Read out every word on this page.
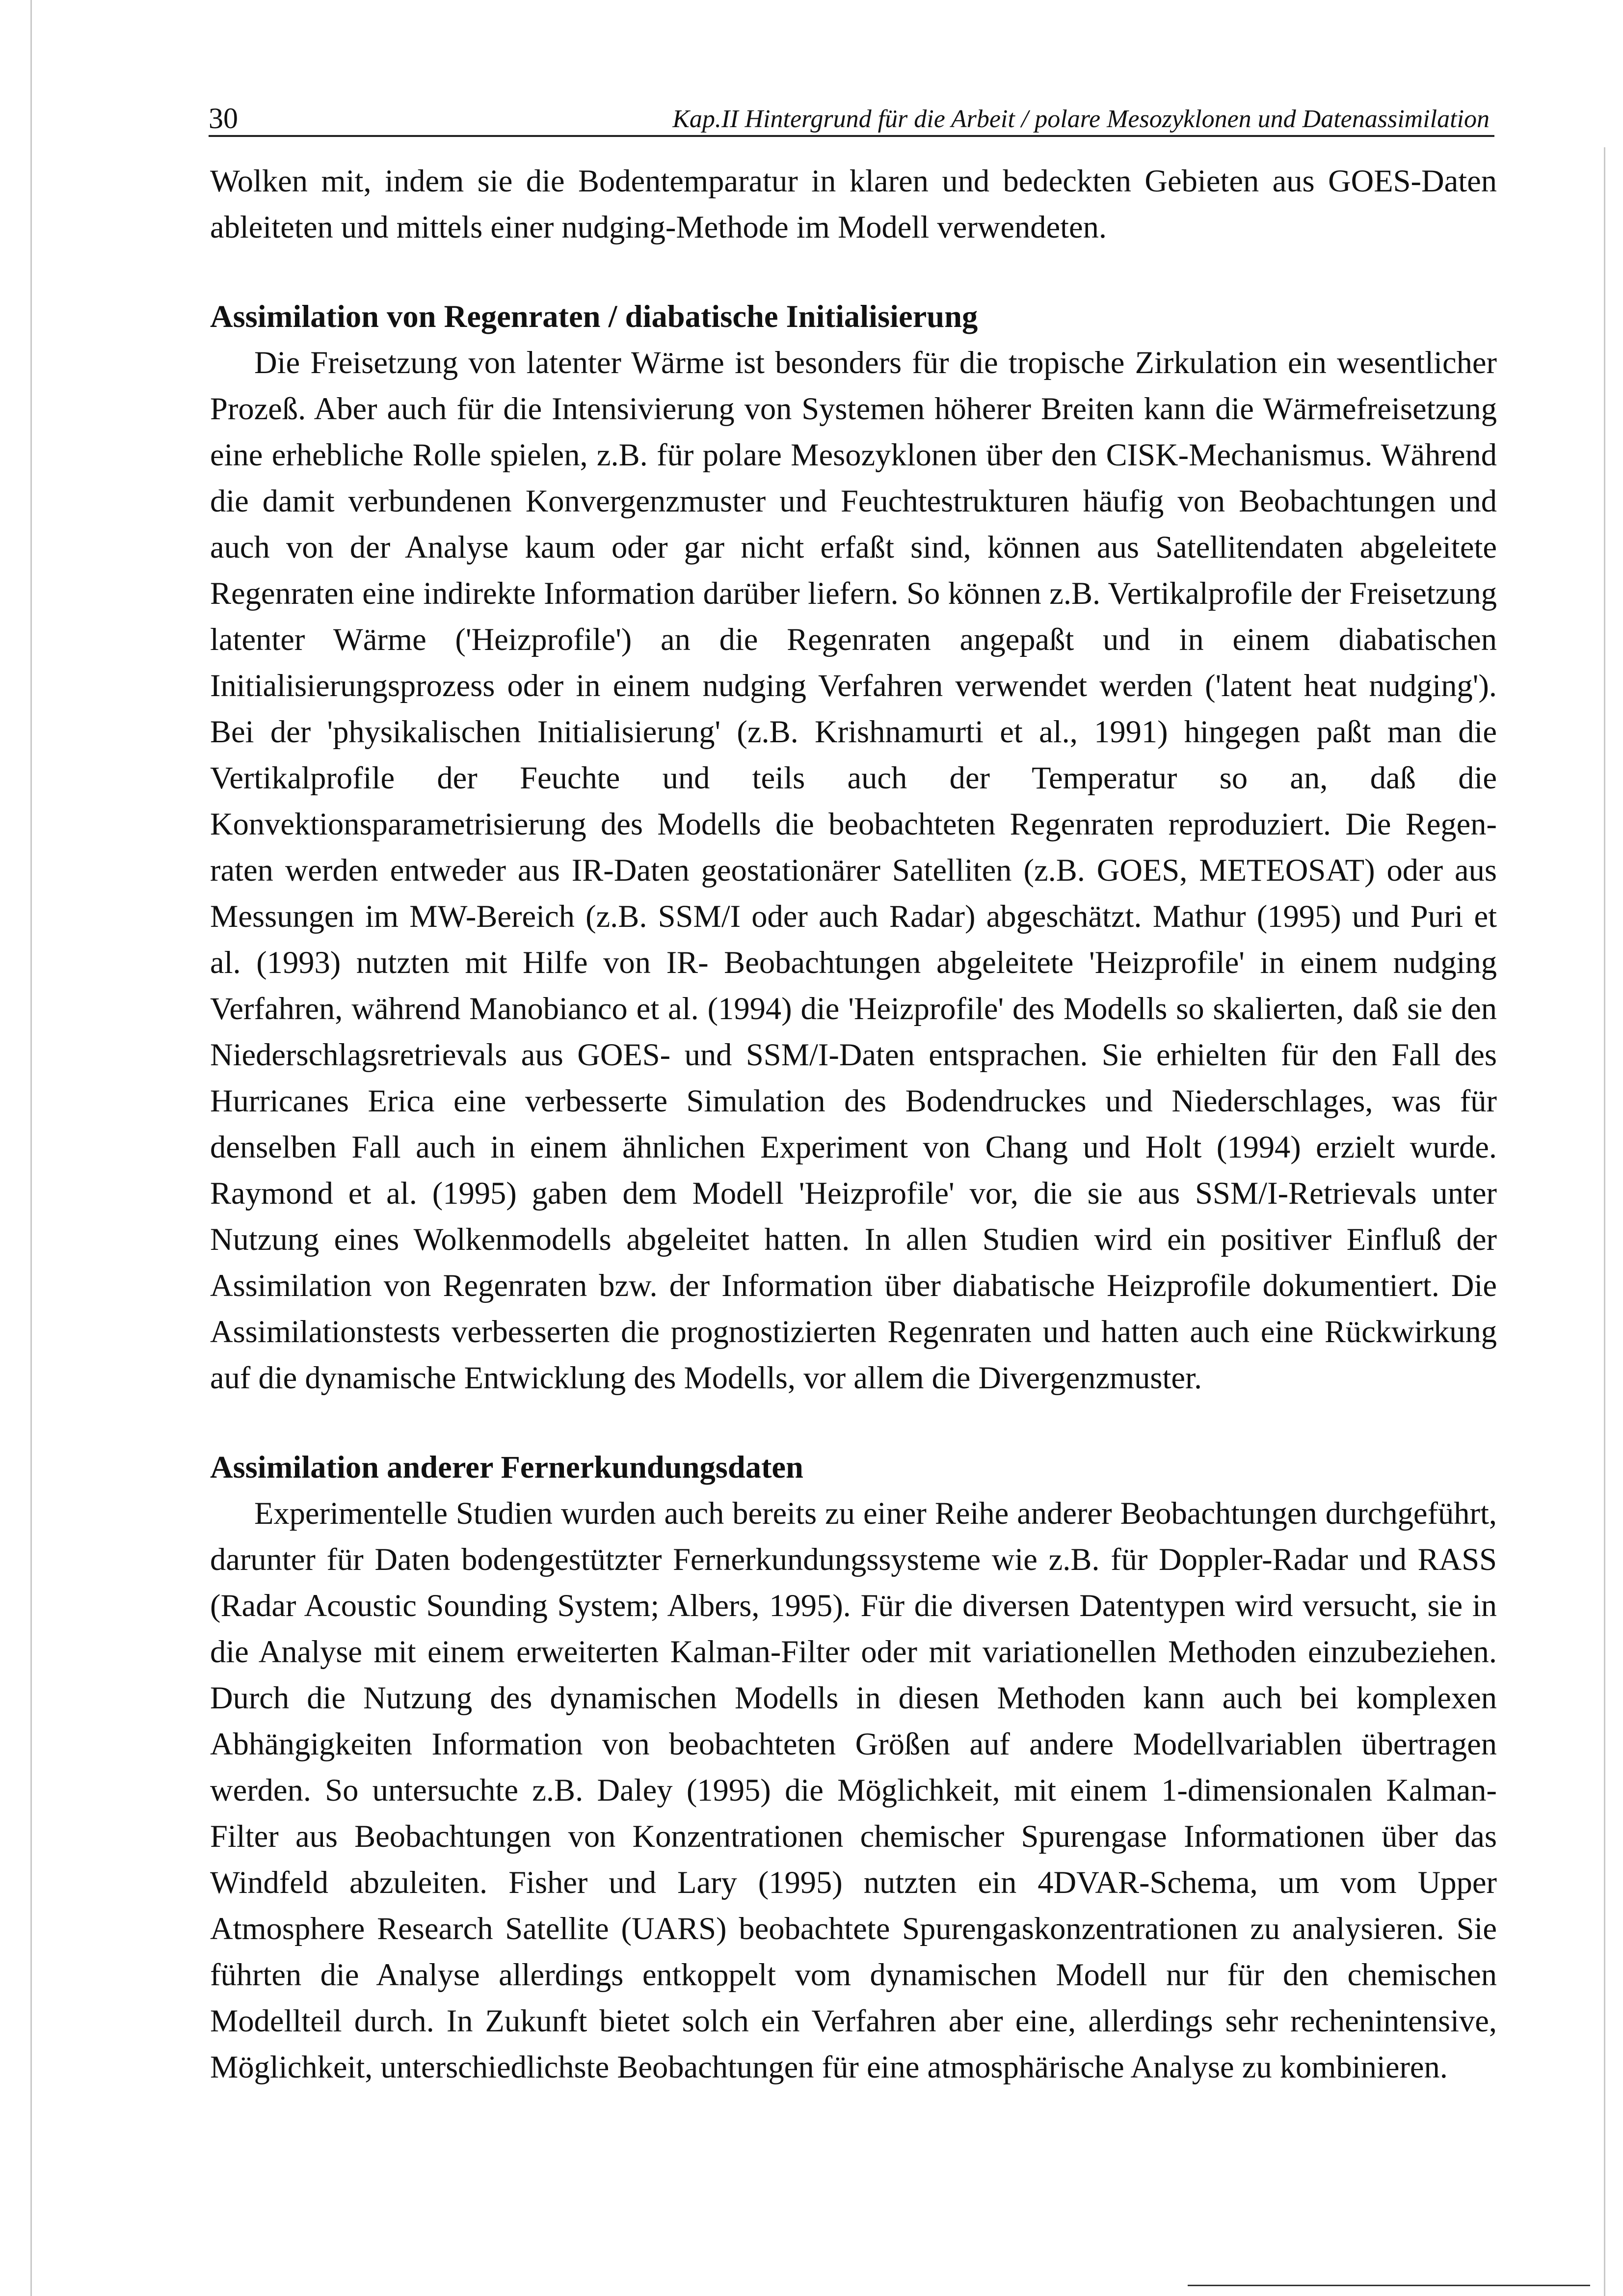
30	Kap.II Hintergrund für die Arbeit / polare Mesozyklonen und Datenassimilation

Wolken mit, indem sie die Bodentemparatur in klaren und bedeckten Gebieten aus GOES-Daten ableiteten und mittels einer nudging-Methode im Modell verwendeten.

Assimilation von Regenraten / diabatische Initialisierung

Die Freisetzung von latenter Wärme ist besonders für die tropische Zirkulation ein wesentlicher Prozeß. Aber auch für die Intensivierung von Systemen höherer Breiten kann die Wärmefreisetzung eine erhebliche Rolle spielen, z.B. für polare Mesozyklonen über den CISK-Mechanismus. Während die damit verbundenen Konvergenzmuster und Feuchtestrukturen häufig von Beobachtungen und auch von der Analyse kaum oder gar nicht erfaßt sind, können aus Satellitendaten abgeleitete Regenraten eine indirekte Information darüber liefern. So können z.B. Vertikalprofile der Freisetzung latenter Wärme ('Heizprofile') an die Regenraten angepaßt und in einem diabatischen Initialisierungsprozess oder in einem nudging Verfahren verwendet werden ('latent heat nudging'). Bei der 'physikalischen Initialisierung' (z.B. Krishnamurti et al., 1991) hingegen paßt man die Vertikalprofile der Feuchte und teils auch der Temperatur so an, daß die Konvektionsparametrisierung des Modells die beobachteten Regenraten reproduziert. Die Regenraten werden entweder aus IR-Daten geostationärer Satelliten (z.B. GOES, METEOSAT) oder aus Messungen im MW-Bereich (z.B. SSM/I oder auch Radar) abgeschätzt. Mathur (1995) und Puri et al. (1993) nutzten mit Hilfe von IR- Beobachtungen abgeleitete 'Heizprofile' in einem nudging Verfahren, während Manobianco et al. (1994) die 'Heizprofile' des Modells so skalierten, daß sie den Niederschlagsretrievals aus GOES- und SSM/I-Daten entsprachen. Sie erhielten für den Fall des Hurricanes Erica eine verbesserte Simulation des Bodendruckes und Niederschlages, was für denselben Fall auch in einem ähnlichen Experiment von Chang und Holt (1994) erzielt wurde. Raymond et al. (1995) gaben dem Modell 'Heizprofile' vor, die sie aus SSM/I-Retrievals unter Nutzung eines Wolkenmodells abgeleitet hatten. In allen Studien wird ein positiver Einfluß der Assimilation von Regenraten bzw. der Information über diabatische Heizprofile dokumentiert. Die Assimilationstests verbesserten die prognostizierten Regenraten und hatten auch eine Rückwirkung auf die dynamische Entwicklung des Modells, vor allem die Divergenzmuster.

Assimilation anderer Fernerkundungsdaten

Experimentelle Studien wurden auch bereits zu einer Reihe anderer Beobachtungen durchgeführt, darunter für Daten bodengestützter Fernerkundungssysteme wie z.B. für Doppler-Radar und RASS (Radar Acoustic Sounding System; Albers, 1995). Für die diversen Datentypen wird versucht, sie in die Analyse mit einem erweiterten Kalman-Filter oder mit variationellen Methoden einzubeziehen. Durch die Nutzung des dynamischen Modells in diesen Methoden kann auch bei komplexen Abhängigkeiten Information von beobachteten Größen auf andere Modellvariablen übertragen werden. So untersuchte z.B. Daley (1995) die Möglichkeit, mit einem 1-dimensionalen Kalman-Filter aus Beobachtungen von Konzentrationen chemischer Spurengase Informationen über das Windfeld abzuleiten. Fisher und Lary (1995) nutzten ein 4DVAR-Schema, um vom Upper Atmosphere Research Satellite (UARS) beobachtete Spurengaskonzentrationen zu analysieren. Sie führten die Analyse allerdings entkoppelt vom dynamischen Modell nur für den chemischen Modellteil durch. In Zukunft bietet solch ein Verfahren aber eine, allerdings sehr rechenintensive, Möglichkeit, unterschiedlichste Beobachtungen für eine atmosphärische Analyse zu kombinieren.
